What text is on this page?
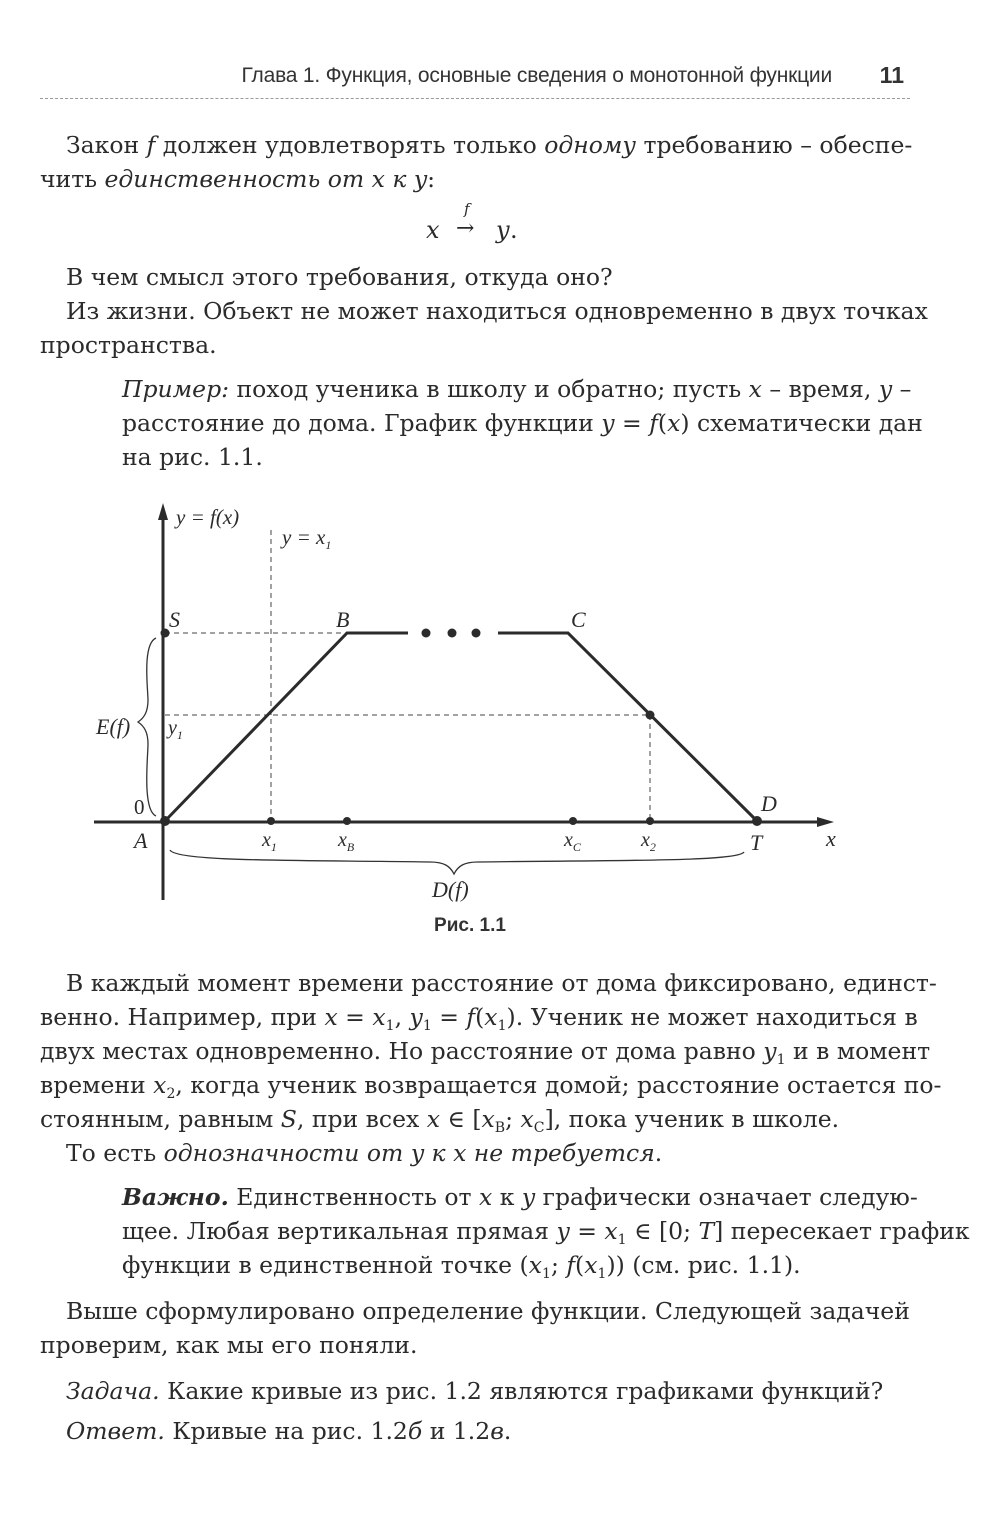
Глава 1. Функция, основные сведения о монотонной функции 11
Закон f должен удовлетворять только одному требованию – обеспе-
чить единственность от x к y:
x
f
→ y .
В чем смысл этого требования, откуда оно?
Из жизни. Объект не может находиться одновременно в двух точках
пространства.
Пример: поход ученика в школу и обратно; пусть x – время, y –
расстояние до дома. График функции y = f(x) схематически дан
на рис. 1.1.
y = f(x)
$y = x_1$
S	B	C
D
E(f) $y_1$
0
A	$x_1$	$x_B$	$x_C$	$x_2$	T	x
D(f)
Рис. 1.1
В каждый момент времени расстояние от дома фиксировано, единст-
венно. Например, при $x = x_1$, $y_1 = f(x_1)$. Ученик не может находиться в
двух местах одновременно. Но расстояние от дома равно $y_1$ и в момент
времени $x_2$, когда ученик возвращается домой; расстояние остается по-
стоянным, равным S, при всех x ∈ [$x_B$; $x_C$], пока ученик в школе.
То есть однозначности от y к x не требуется.
Важно. Единственность от x к y графически означает следую-
щее. Любая вертикальная прямая $y = x_1$ ∈ [0; T] пересекает график
функции в единственной точке ($x_1$; $f(x_1)$) (см. рис. 1.1).
Выше сформулировано определение функции. Следующей задачей
проверим, как мы его поняли.
Задача. Какие кривые из рис. 1.2 являются графиками функций?
Ответ. Кривые на рис. 1.2б и 1.2в.
